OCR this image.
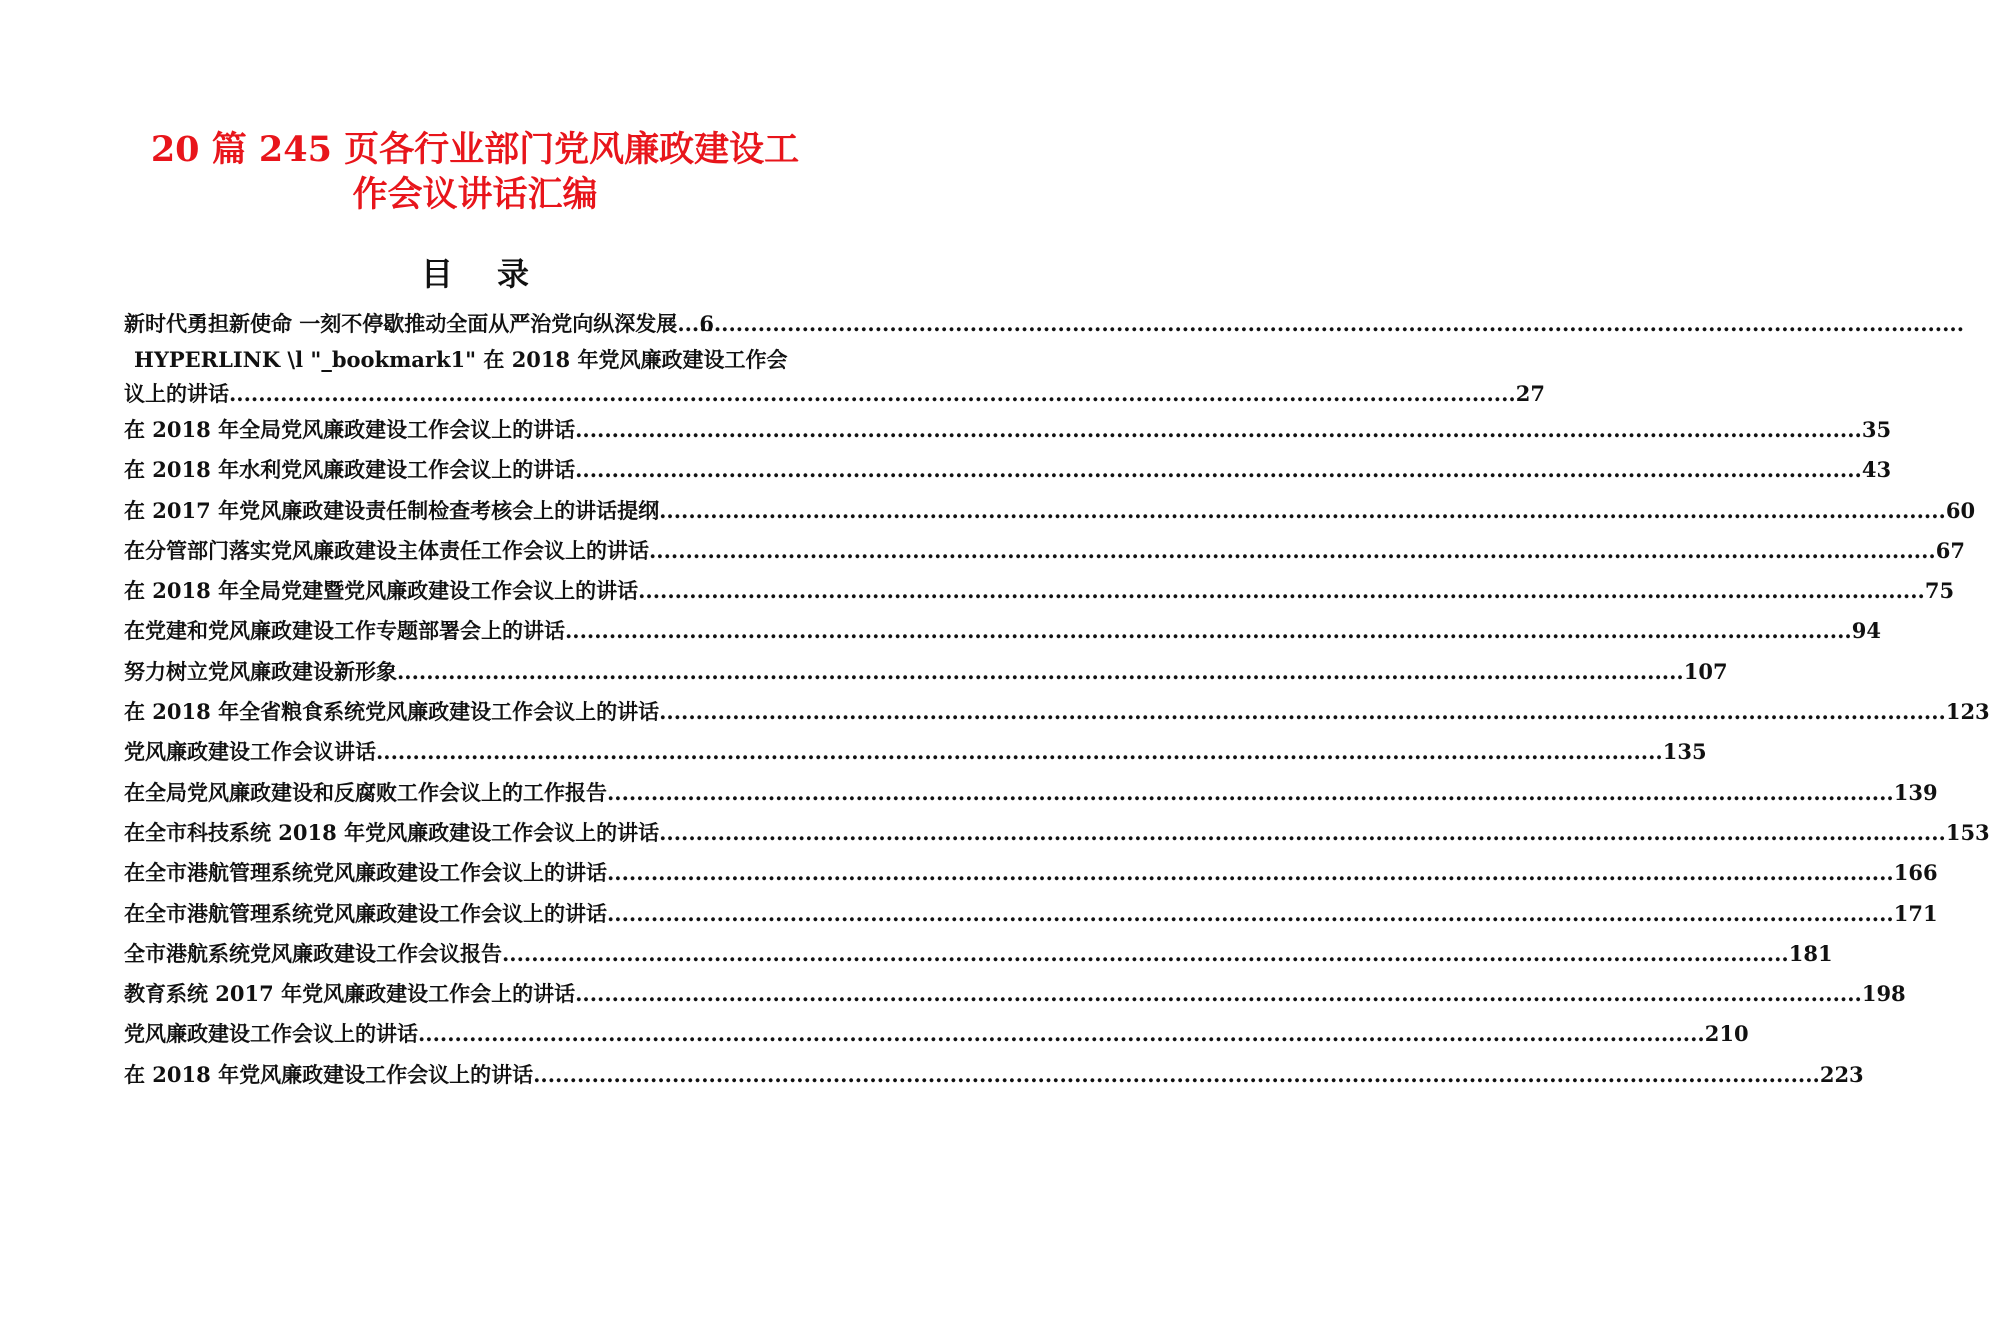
20 篇 245 页各行业部门党风廉政建设工
作会议讲话汇编
目 录
新时代勇担新使命 一刻不停歇推动全面从严治党向纵深发展 ..... 6
HYPERLINK \l "_bookmark1" 在 2018 年党风廉政建设工作会
议上的讲话 .....	27
在 2018 年全局党风廉政建设工作会议上的讲话 .....	35
在 2018 年水利党风廉政建设工作会议上的讲话 .....	43
在 2017 年党风廉政建设责任制检查考核会上的讲话提纲 .....	60
在分管部门落实党风廉政建设主体责任工作会议上的讲话 .....	67
在 2018 年全局党建暨党风廉政建设工作会议上的讲话 .....	75
在党建和党风廉政建设工作专题部署会上的讲话 .....	94
努力树立党风廉政建设新形象 .....	107
在 2018 年全省粮食系统党风廉政建设工作会议上的讲话 .....	123
党风廉政建设工作会议讲话 .....	135
在全局党风廉政建设和反腐败工作会议上的工作报告 .....	139
在全市科技系统 2018 年党风廉政建设工作会议上的讲话 .....	153
在全市港航管理系统党风廉政建设工作会议上的讲话 .....	166
在全市港航管理系统党风廉政建设工作会议上的讲话 .....	171
全市港航系统党风廉政建设工作会议报告 .....	181
教育系统 2017 年党风廉政建设工作会上的讲话 .....	198
党风廉政建设工作会议上的讲话 .....	210
在 2018 年党风廉政建设工作会议上的讲话 .....	223
